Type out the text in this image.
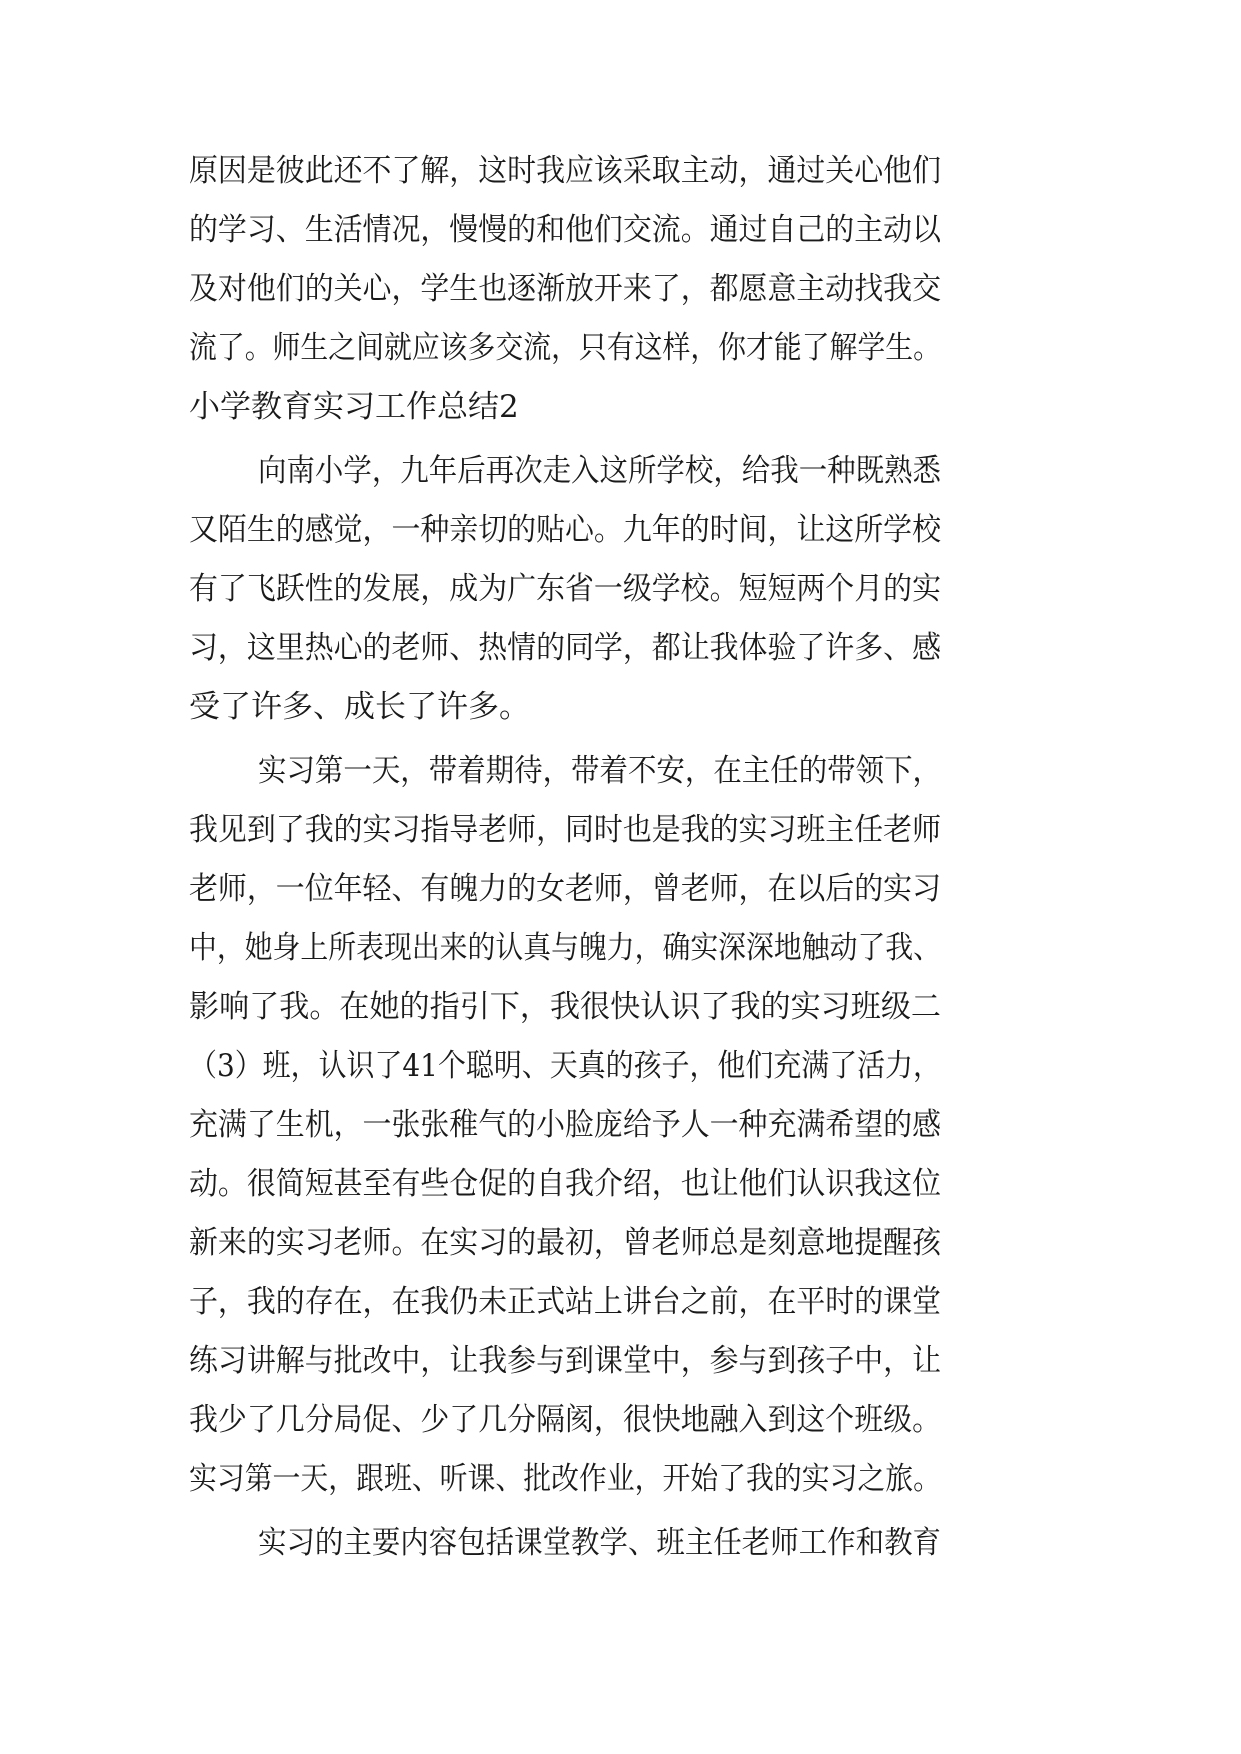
原因是彼此还不了解，这时我应该采取主动，通过关心他们
的学习、生活情况，慢慢的和他们交流。通过自己的主动以
及对他们的关心，学生也逐渐放开来了，都愿意主动找我交
流了。师生之间就应该多交流，只有这样，你才能了解学生。
小学教育实习工作总结2
向南小学，九年后再次走入这所学校，给我一种既熟悉
又陌生的感觉，一种亲切的贴心。九年的时间，让这所学校
有了飞跃性的发展，成为广东省一级学校。短短两个月的实
习，这里热心的老师、热情的同学，都让我体验了许多、感
受了许多、成长了许多。
实习第一天，带着期待，带着不安，在主任的带领下，
我见到了我的实习指导老师，同时也是我的实习班主任老师
老师，一位年轻、有魄力的女老师，曾老师，在以后的实习
中，她身上所表现出来的认真与魄力，确实深深地触动了我、
影响了我。在她的指引下，我很快认识了我的实习班级二
（3）班，认识了41个聪明、天真的孩子，他们充满了活力，
充满了生机，一张张稚气的小脸庞给予人一种充满希望的感
动。很简短甚至有些仓促的自我介绍，也让他们认识我这位
新来的实习老师。在实习的最初，曾老师总是刻意地提醒孩
子，我的存在，在我仍未正式站上讲台之前，在平时的课堂
练习讲解与批改中，让我参与到课堂中，参与到孩子中，让
我少了几分局促、少了几分隔阂，很快地融入到这个班级。
实习第一天，跟班、听课、批改作业，开始了我的实习之旅。
实习的主要内容包括课堂教学、班主任老师工作和教育
